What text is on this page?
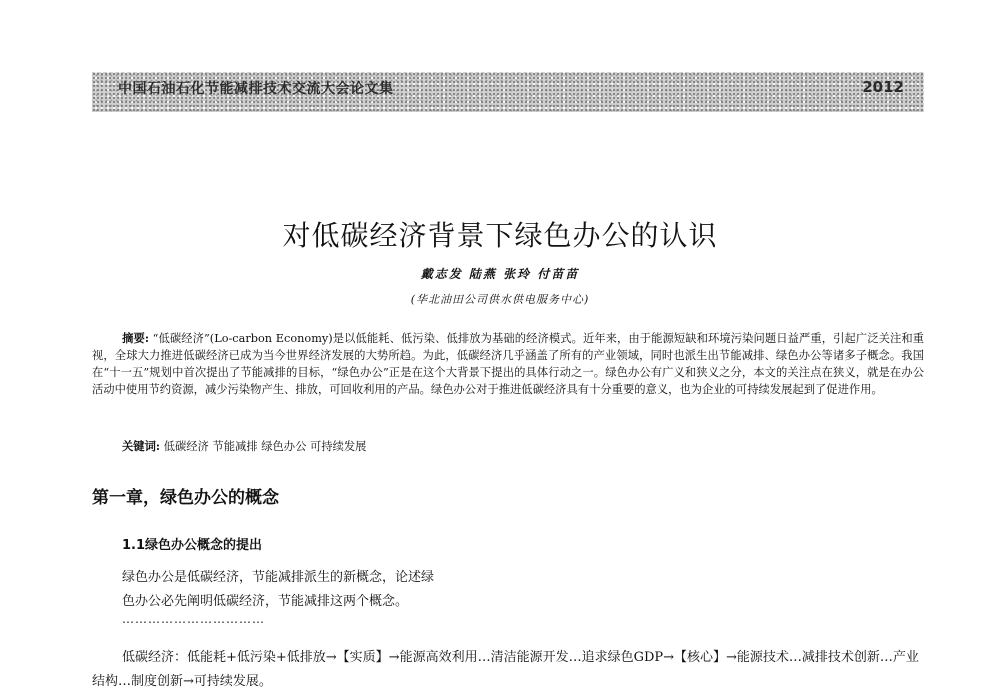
中国石油石化节能减排技术交流大会论文集	2012
对低碳经济背景下绿色办公的认识
戴志发 陆燕 张玲 付苗苗
(华北油田公司供水供电服务中心)
摘要: “低碳经济”(Lo-carbon Economy)是以低能耗、低污染、低排放为基础的经济模式。近年来，由于能源短缺和环境污染问题日益严重，引起广泛关注和重视，全球大力推进低碳经济已成为当今世界经济发展的大势所趋。为此，低碳经济几乎涵盖了所有的产业领域，同时也派生出节能减排、绿色办公等诸多子概念。我国在“十一五”规划中首次提出了节能减排的目标，“绿色办公”正是在这个大背景下提出的具体行动之一。绿色办公有广义和狭义之分，本文的关注点在狭义，就是在办公活动中使用节约资源，减少污染物产生、排放，可回收利用的产品。绿色办公对于推进低碳经济具有十分重要的意义，也为企业的可持续发展起到了促进作用。
关键词: 低碳经济 节能减排 绿色办公 可持续发展
第一章，绿色办公的概念
1.1绿色办公概念的提出
绿色办公是低碳经济，节能减排派生的新概念，论述绿
色办公必先阐明低碳经济，节能减排这两个概念。
……………………………
低碳经济：低能耗+低污染+低排放→【实质】→能源高效利用…清洁能源开发…追求绿色GDP→【核心】→能源技术…减排技术创新…产业结构…制度创新→可持续发展。
